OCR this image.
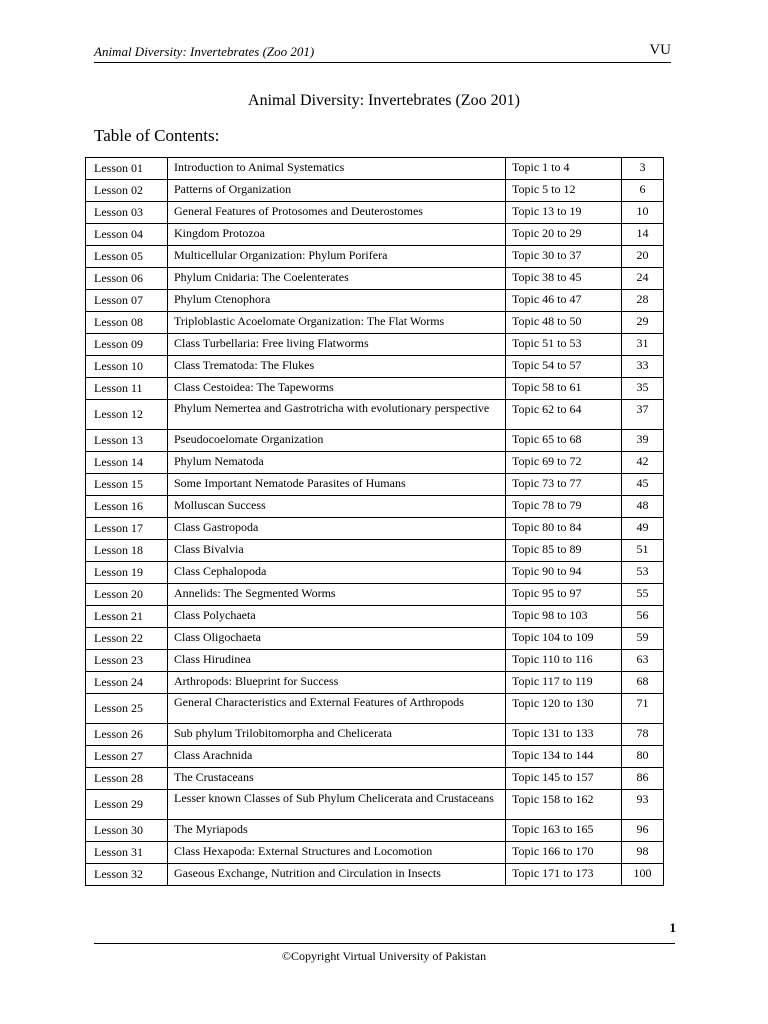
Animal Diversity: Invertebrates (Zoo 201)	VU
Animal Diversity: Invertebrates (Zoo 201)
Table of Contents:
Lesson 01	Introduction to Animal Systematics	Topic 1 to 4	3
Lesson 02	Patterns of Organization	Topic 5 to 12	6
Lesson 03	General Features of Protosomes and Deuterostomes	Topic 13 to 19	10
Lesson 04	Kingdom Protozoa	Topic 20 to 29	14
Lesson 05	Multicellular Organization: Phylum Porifera	Topic 30 to 37	20
Lesson 06	Phylum Cnidaria: The Coelenterates	Topic 38 to 45	24
Lesson 07	Phylum Ctenophora	Topic 46 to 47	28
Lesson 08	Triploblastic Acoelomate Organization: The Flat Worms	Topic 48 to 50	29
Lesson 09	Class Turbellaria: Free living Flatworms	Topic 51 to 53	31
Lesson 10	Class Trematoda: The Flukes	Topic 54 to 57	33
Lesson 11	Class Cestoidea: The Tapeworms	Topic 58 to 61	35
Lesson 12	Phylum Nemertea and Gastrotricha with evolutionary perspective	Topic 62 to 64	37
Lesson 13	Pseudocoelomate Organization	Topic 65 to 68	39
Lesson 14	Phylum Nematoda	Topic 69 to 72	42
Lesson 15	Some Important Nematode Parasites of Humans	Topic 73 to 77	45
Lesson 16	Molluscan Success	Topic 78 to 79	48
Lesson 17	Class Gastropoda	Topic 80 to 84	49
Lesson 18	Class Bivalvia	Topic 85 to 89	51
Lesson 19	Class Cephalopoda	Topic 90 to 94	53
Lesson 20	Annelids: The Segmented Worms	Topic 95 to 97	55
Lesson 21	Class Polychaeta	Topic 98 to 103	56
Lesson 22	Class Oligochaeta	Topic 104 to 109	59
Lesson 23	Class Hirudinea	Topic 110 to 116	63
Lesson 24	Arthropods: Blueprint for Success	Topic 117 to 119	68
Lesson 25	General Characteristics and External Features of Arthropods	Topic 120 to 130	71
Lesson 26	Sub phylum Trilobitomorpha and Chelicerata	Topic 131 to 133	78
Lesson 27	Class Arachnida	Topic 134 to 144	80
Lesson 28	The Crustaceans	Topic 145 to 157	86
Lesson 29	Lesser known Classes of Sub Phylum Chelicerata and Crustaceans	Topic 158 to 162	93
Lesson 30	The Myriapods	Topic 163 to 165	96
Lesson 31	Class Hexapoda: External Structures and Locomotion	Topic 166 to 170	98
Lesson 32	Gaseous Exchange, Nutrition and Circulation in Insects	Topic 171 to 173	100
1
©Copyright Virtual University of Pakistan
